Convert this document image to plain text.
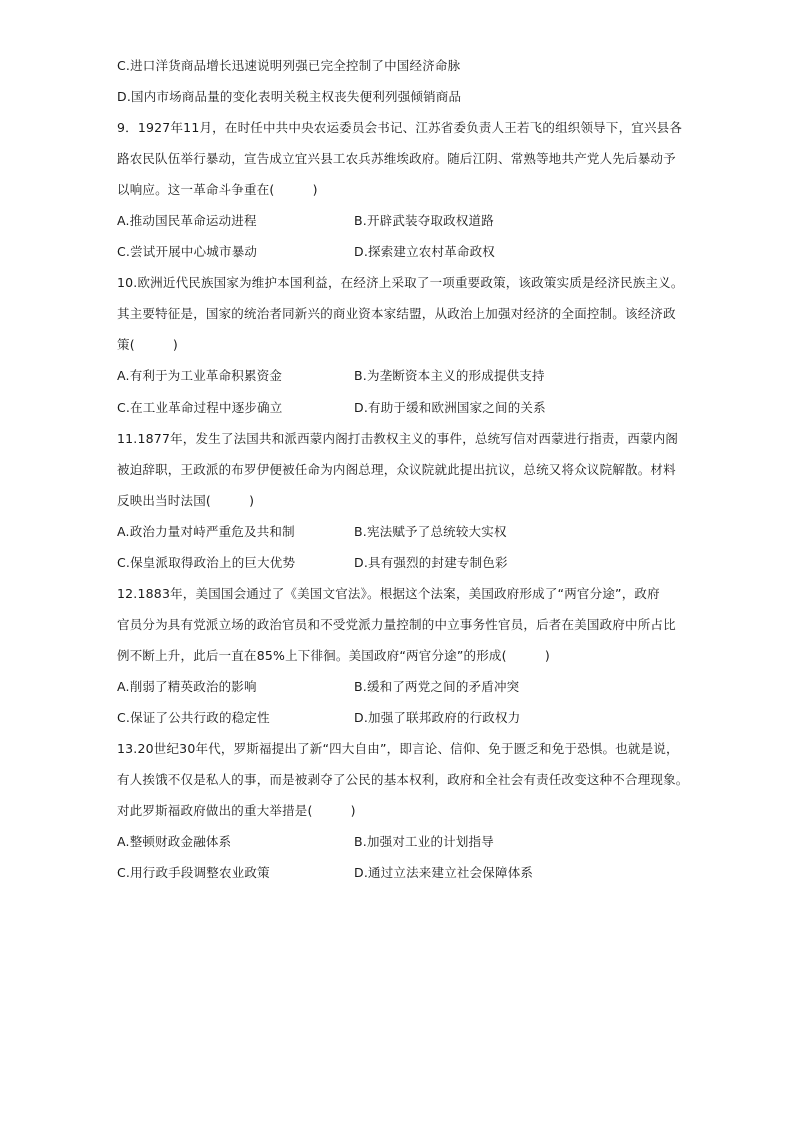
C.进口洋货商品增长迅速说明列强已完全控制了中国经济命脉
D.国内市场商品量的变化表明关税主权丧失便利列强倾销商品
9．1927年11月，在时任中共中央农运委员会书记、江苏省委负责人王若飞的组织领导下，宜兴县各
路农民队伍举行暴动，宣告成立宜兴县工农兵苏维埃政府。随后江阴、常熟等地共产党人先后暴动予
以响应。这一革命斗争重在(　　　)
A.推动国民革命运动进程	B.开辟武装夺取政权道路
C.尝试开展中心城市暴动	D.探索建立农村革命政权
10.欧洲近代民族国家为维护本国利益，在经济上采取了一项重要政策，该政策实质是经济民族主义。
其主要特征是，国家的统治者同新兴的商业资本家结盟，从政治上加强对经济的全面控制。该经济政
策(　　　)
A.有利于为工业革命积累资金	B.为垄断资本主义的形成提供支持
C.在工业革命过程中逐步确立	D.有助于缓和欧洲国家之间的关系
11.1877年，发生了法国共和派西蒙内阁打击教权主义的事件，总统写信对西蒙进行指责，西蒙内阁
被迫辞职，王政派的布罗伊便被任命为内阁总理，众议院就此提出抗议，总统又将众议院解散。材料
反映出当时法国(　　　)
A.政治力量对峙严重危及共和制	B.宪法赋予了总统较大实权
C.保皇派取得政治上的巨大优势	D.具有强烈的封建专制色彩
12.1883年，美国国会通过了《美国文官法》。根据这个法案，美国政府形成了“两官分途”，政府
官员分为具有党派立场的政治官员和不受党派力量控制的中立事务性官员，后者在美国政府中所占比
例不断上升，此后一直在85%上下徘徊。美国政府“两官分途”的形成(　　　)
A.削弱了精英政治的影响	B.缓和了两党之间的矛盾冲突
C.保证了公共行政的稳定性	D.加强了联邦政府的行政权力
13.20世纪30年代，罗斯福提出了新“四大自由”，即言论、信仰、免于匮乏和免于恐惧。也就是说，
有人挨饿不仅是私人的事，而是被剥夺了公民的基本权利，政府和全社会有责任改变这种不合理现象。
对此罗斯福政府做出的重大举措是(　　　)
A.整顿财政金融体系	B.加强对工业的计划指导
C.用行政手段调整农业政策	D.通过立法来建立社会保障体系
